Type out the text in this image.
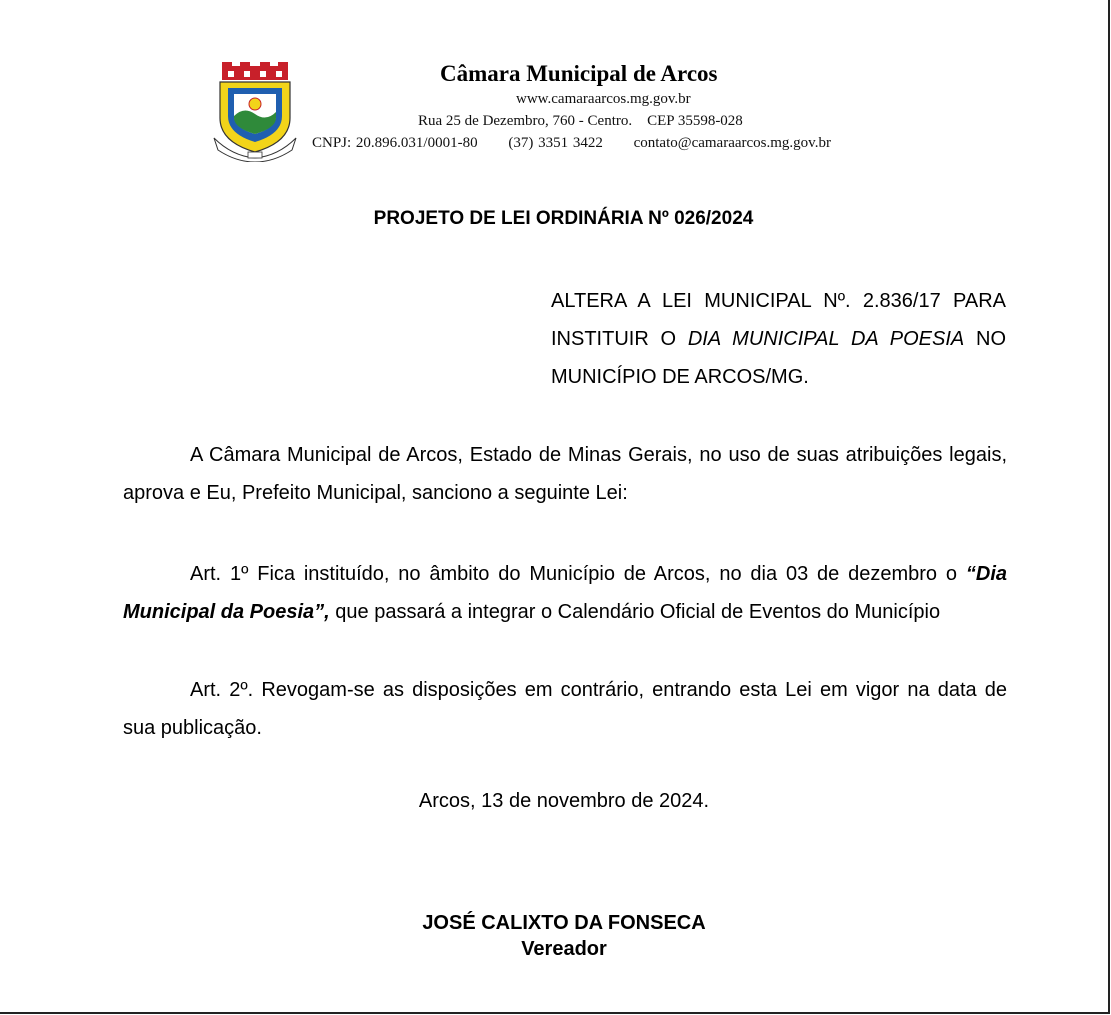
Câmara Municipal de Arcos
www.camaraarcos.mg.gov.br
Rua 25 de Dezembro, 760 - Centro. CEP 35598-028
CNPJ: 20.896.031/0001-80 (37) 3351 3422 contato@camaraarcos.mg.gov.br
PROJETO DE LEI ORDINÁRIA Nº 026/2024
ALTERA A LEI MUNICIPAL Nº. 2.836/17 PARA INSTITUIR O DIA MUNICIPAL DA POESIA NO MUNICÍPIO DE ARCOS/MG.
A Câmara Municipal de Arcos, Estado de Minas Gerais, no uso de suas atribuições legais, aprova e Eu, Prefeito Municipal, sanciono a seguinte Lei:
Art. 1º Fica instituído, no âmbito do Município de Arcos, no dia 03 de dezembro o “Dia Municipal da Poesia”, que passará a integrar o Calendário Oficial de Eventos do Município
Art. 2º. Revogam-se as disposições em contrário, entrando esta Lei em vigor na data de sua publicação.
Arcos, 13 de novembro de 2024.
JOSÉ CALIXTO DA FONSECA
Vereador
